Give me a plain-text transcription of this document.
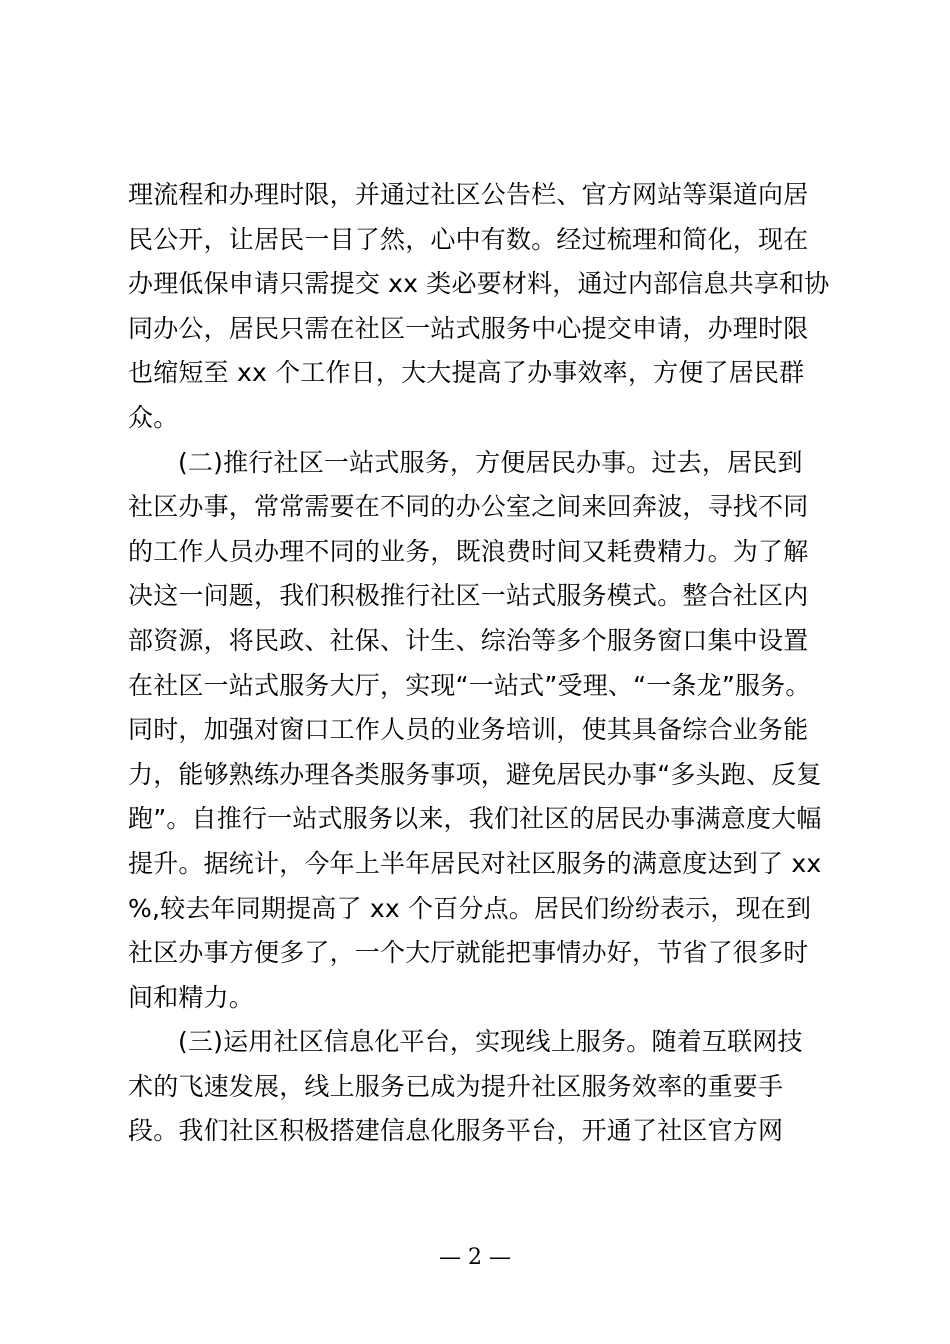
理流程和办理时限，并通过社区公告栏、官方网站等渠道向居
民公开，让居民一目了然，心中有数。经过梳理和简化，现在
办理低保申请只需提交 xx 类必要材料，通过内部信息共享和协
同办公，居民只需在社区一站式服务中心提交申请，办理时限
也缩短至 xx 个工作日，大大提高了办事效率，方便了居民群
众。
(二)推行社区一站式服务，方便居民办事。过去，居民到
社区办事，常常需要在不同的办公室之间来回奔波，寻找不同
的工作人员办理不同的业务，既浪费时间又耗费精力。为了解
决这一问题，我们积极推行社区一站式服务模式。整合社区内
部资源，将民政、社保、计生、综治等多个服务窗口集中设置
在社区一站式服务大厅，实现“一站式”受理、“一条龙”服务。
同时，加强对窗口工作人员的业务培训，使其具备综合业务能
力，能够熟练办理各类服务事项，避免居民办事“多头跑、反复
跑”。自推行一站式服务以来，我们社区的居民办事满意度大幅
提升。据统计，今年上半年居民对社区服务的满意度达到了 xx
%,较去年同期提高了 xx 个百分点。居民们纷纷表示，现在到
社区办事方便多了，一个大厅就能把事情办好，节省了很多时
间和精力。
(三)运用社区信息化平台，实现线上服务。随着互联网技
术的飞速发展，线上服务已成为提升社区服务效率的重要手
段。我们社区积极搭建信息化服务平台，开通了社区官方网
— 2 —
